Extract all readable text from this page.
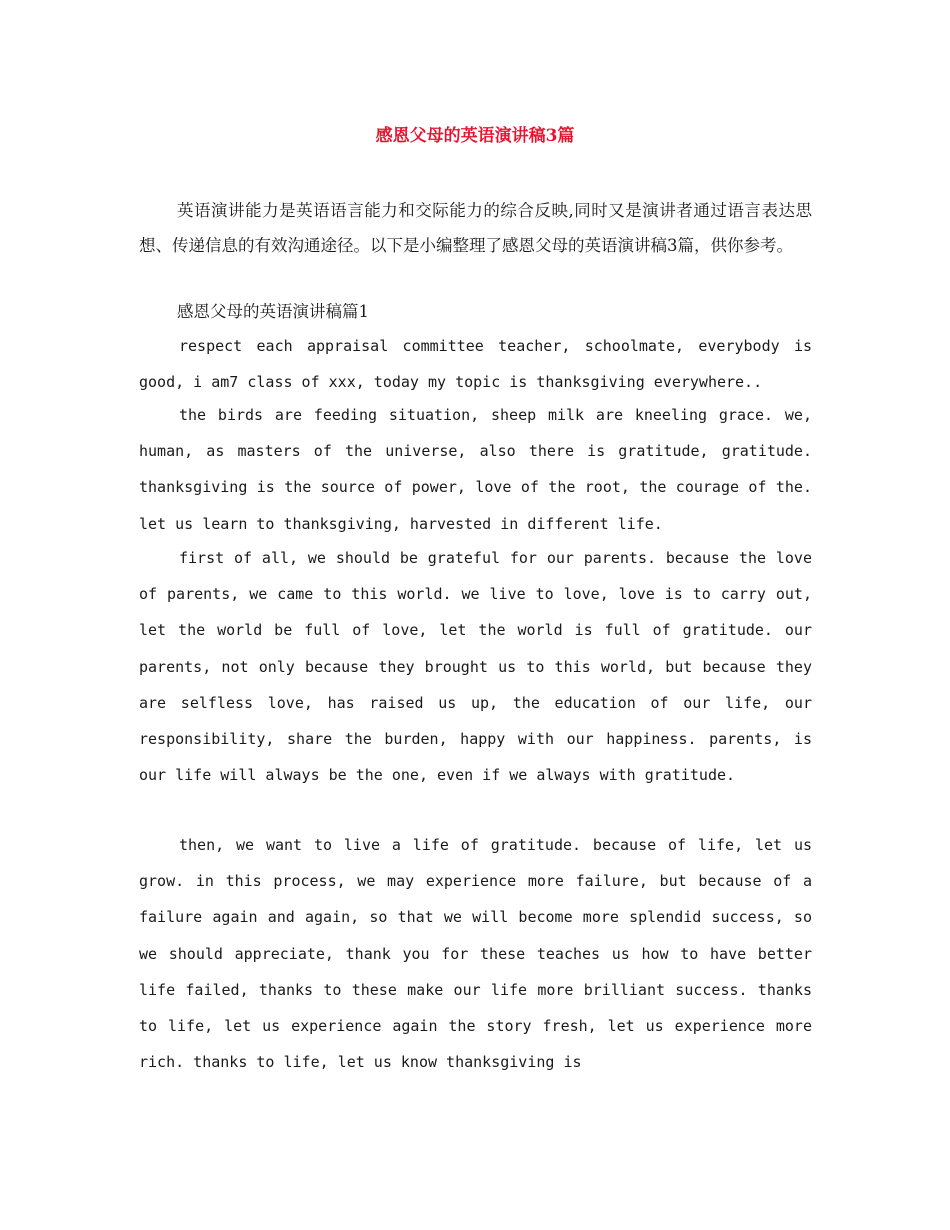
感恩父母的英语演讲稿3篇
英语演讲能力是英语语言能力和交际能力的综合反映,同时又是演讲者通过语言表达思想、传递信息的有效沟通途径。以下是小编整理了感恩父母的英语演讲稿3篇，供你参考。
感恩父母的英语演讲稿篇1

respect each appraisal committee teacher, schoolmate, everybody is good, i am7 class of xxx, today my topic is thanksgiving everywhere..

the birds are feeding situation, sheep milk are kneeling grace. we, human, as masters of the universe, also there is gratitude, gratitude. thanksgiving is the source of power, love of the root, the courage of the. let us learn to thanksgiving, harvested in different life.

first of all, we should be grateful for our parents. because the love of parents, we came to this world. we live to love, love is to carry out, let the world be full of love, let the world is full of gratitude. our parents, not only because they brought us to this world, but because they are selfless love, has raised us up, the education of our life, our responsibility, share the burden, happy with our happiness. parents, is our life will always be the one, even if we always with gratitude.

then, we want to live a life of gratitude. because of life, let us grow. in this process, we may experience more failure, but because of a failure again and again, so that we will become more splendid success, so we should appreciate, thank you for these teaches us how to have better life failed, thanks to these make our life more brilliant success. thanks to life, let us experience again the story fresh, let us experience more rich. thanks to life, let us know thanksgiving is
